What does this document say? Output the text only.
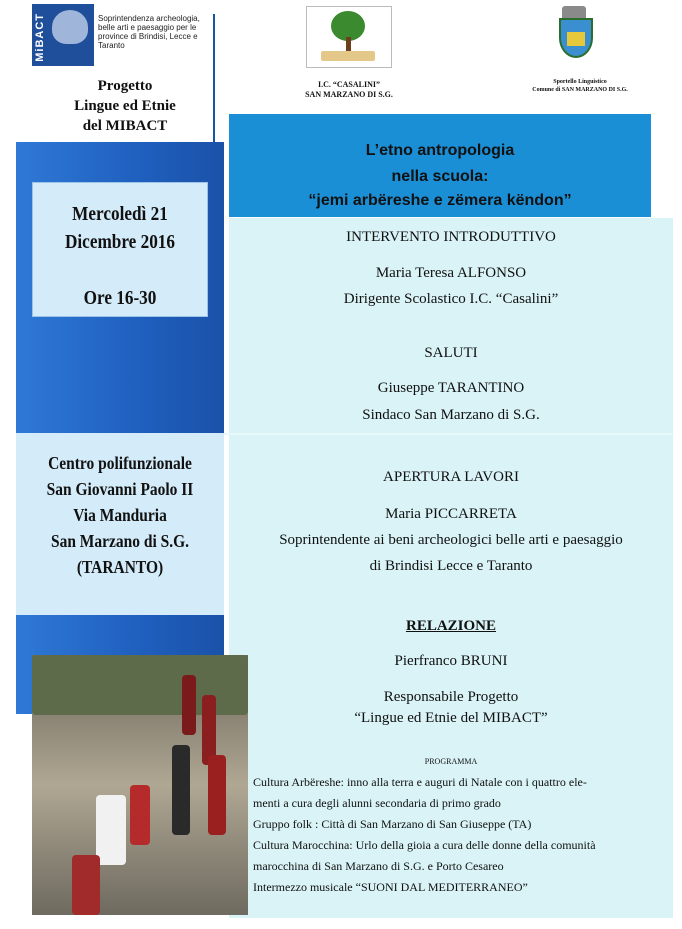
MiBACT	Soprintendenza archeologia, belle arti e paesaggio per le province di Brindisi, Lecce e Taranto
Progetto
Lingue ed Etnie
del MIBACT
I.C. “CASALINI”
SAN MARZANO DI S.G.
Sportello Linguistico
Comune di SAN MARZANO DI S.G.
Mercoledì 21
Dicembre 2016
Ore 16-30
Centro polifunzionale
San Giovanni Paolo II
Via Manduria
San Marzano di S.G.
(TARANTO)
L’etno antropologia
nella scuola:
“jemi arbëreshe e zëmera këndon”
INTERVENTO INTRODUTTIVO
Maria Teresa ALFONSO
Dirigente Scolastico I.C. “Casalini”
SALUTI
Giuseppe TARANTINO
Sindaco San Marzano di S.G.
APERTURA LAVORI
Maria PICCARRETA
Soprintendente ai beni archeologici belle arti e paesaggio
di Brindisi Lecce e Taranto
RELAZIONE
Pierfranco BRUNI
Responsabile Progetto
“Lingue ed Etnie del MIBACT”
PROGRAMMA
Cultura Arbëreshe: inno alla terra e auguri di Natale con i quattro ele-
menti a cura degli alunni secondaria di primo grado
Gruppo folk : Città di San Marzano di San Giuseppe (TA)
Cultura Marocchina: Urlo della gioia a cura delle donne della comunità
marocchina di San Marzano di S.G. e Porto Cesareo
Intermezzo musicale “SUONI DAL MEDITERRANEO”
